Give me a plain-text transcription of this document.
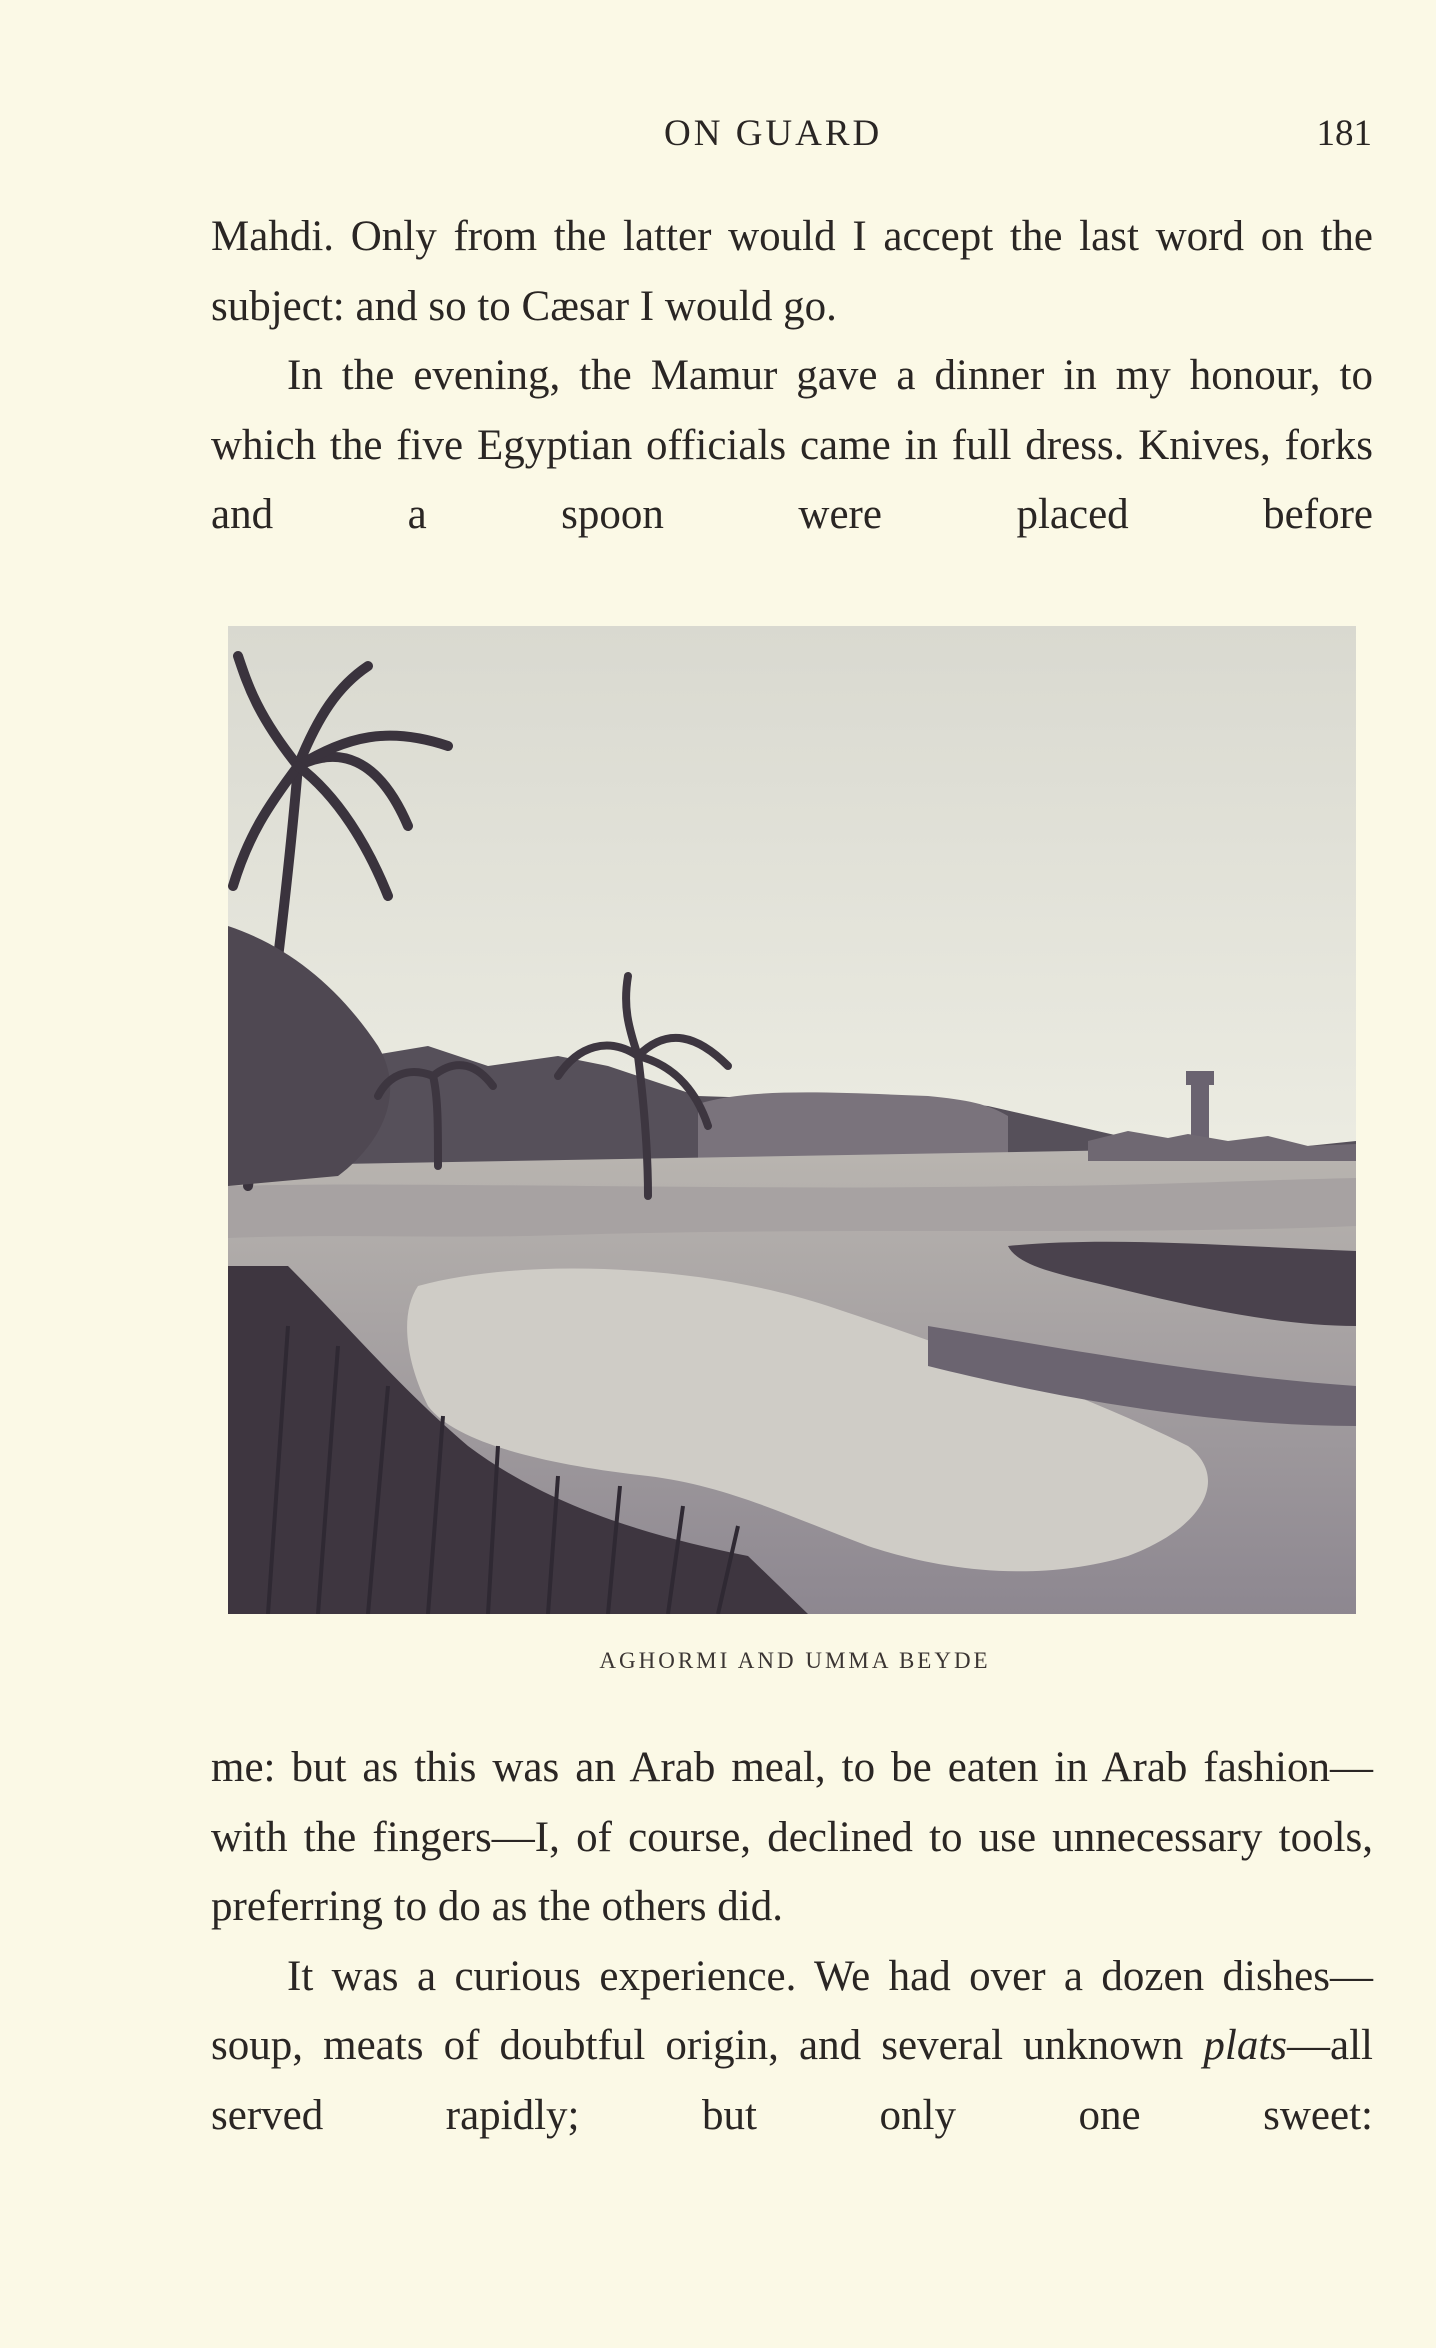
ON GUARD	181

Mahdi. Only from the latter would I accept the last word on the subject: and so to Cæsar I would go.

In the evening, the Mamur gave a dinner in my honour, to which the five Egyptian officials came in full dress. Knives, forks and a spoon were placed before

AGHORMI AND UMMA BEYDE

me: but as this was an Arab meal, to be eaten in Arab fashion—with the fingers—I, of course, declined to use unnecessary tools, preferring to do as the others did.

It was a curious experience. We had over a dozen dishes—soup, meats of doubtful origin, and several unknown plats—all served rapidly; but only one sweet:
